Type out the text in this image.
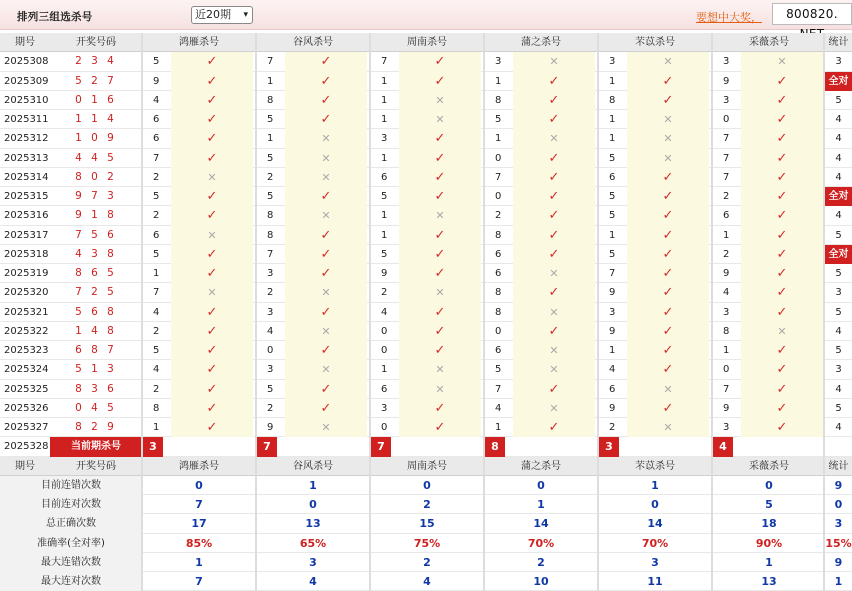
排列三组选杀号	近20期 ▾	要想中大奖，	800820.
期号	开奖号码	鸿雁杀号	谷风杀号	周南杀号	蒲之杀号	芣苡杀号	采薇杀号	统计
2025308	2 3 4	5	✓	7	✓	7	✓	3	✕	3	✕	3	✕	3
2025309	5 2 7	9	✓	1	✓	1	✓	1	✓	1	✓	9	✓	全对
2025310	0 1 6	4	✓	8	✓	1	✕	8	✓	8	✓	3	✓	5
2025311	1 1 4	6	✓	5	✓	1	✕	5	✓	1	✕	0	✓	4
2025312	1 0 9	6	✓	1	✕	3	✓	1	✕	1	✕	7	✓	4
2025313	4 4 5	7	✓	5	✕	1	✓	0	✓	5	✕	7	✓	4
2025314	8 0 2	2	✕	2	✕	6	✓	7	✓	6	✓	7	✓	4
2025315	9 7 3	5	✓	5	✓	5	✓	0	✓	5	✓	2	✓	全对
2025316	9 1 8	2	✓	8	✕	1	✕	2	✓	5	✓	6	✓	4
2025317	7 5 6	6	✕	8	✓	1	✓	8	✓	1	✓	1	✓	5
2025318	4 3 8	5	✓	7	✓	5	✓	6	✓	5	✓	2	✓	全对
2025319	8 6 5	1	✓	3	✓	9	✓	6	✕	7	✓	9	✓	5
2025320	7 2 5	7	✕	2	✕	2	✕	8	✓	9	✓	4	✓	3
2025321	5 6 8	4	✓	3	✓	4	✓	8	✕	3	✓	3	✓	5
2025322	1 4 8	2	✓	4	✕	0	✓	0	✓	9	✓	8	✕	4
2025323	6 8 7	5	✓	0	✓	0	✓	6	✕	1	✓	1	✓	5
2025324	5 1 3	4	✓	3	✕	1	✕	5	✕	4	✓	0	✓	3
2025325	8 3 6	2	✓	5	✓	6	✕	7	✓	6	✕	7	✓	4
2025326	0 4 5	8	✓	2	✓	3	✓	4	✕	9	✓	9	✓	5
2025327	8 2 9	1	✓	9	✕	0	✓	1	✓	2	✕	3	✓	4
2025328	当前期杀号	3	7	7	8	3	4
期号	开奖号码	鸿雁杀号	谷风杀号	周南杀号	蒲之杀号	芣苡杀号	采薇杀号	统计
目前连错次数	0	1	0	0	1	0	9
目前连对次数	7	0	2	1	0	5	0
总正确次数	17	13	15	14	14	18	3
准确率(全对率)	85%	65%	75%	70%	70%	90%	15%
最大连错次数	1	3	2	2	3	1	9
最大连对次数	7	4	4	10	11	13	1
